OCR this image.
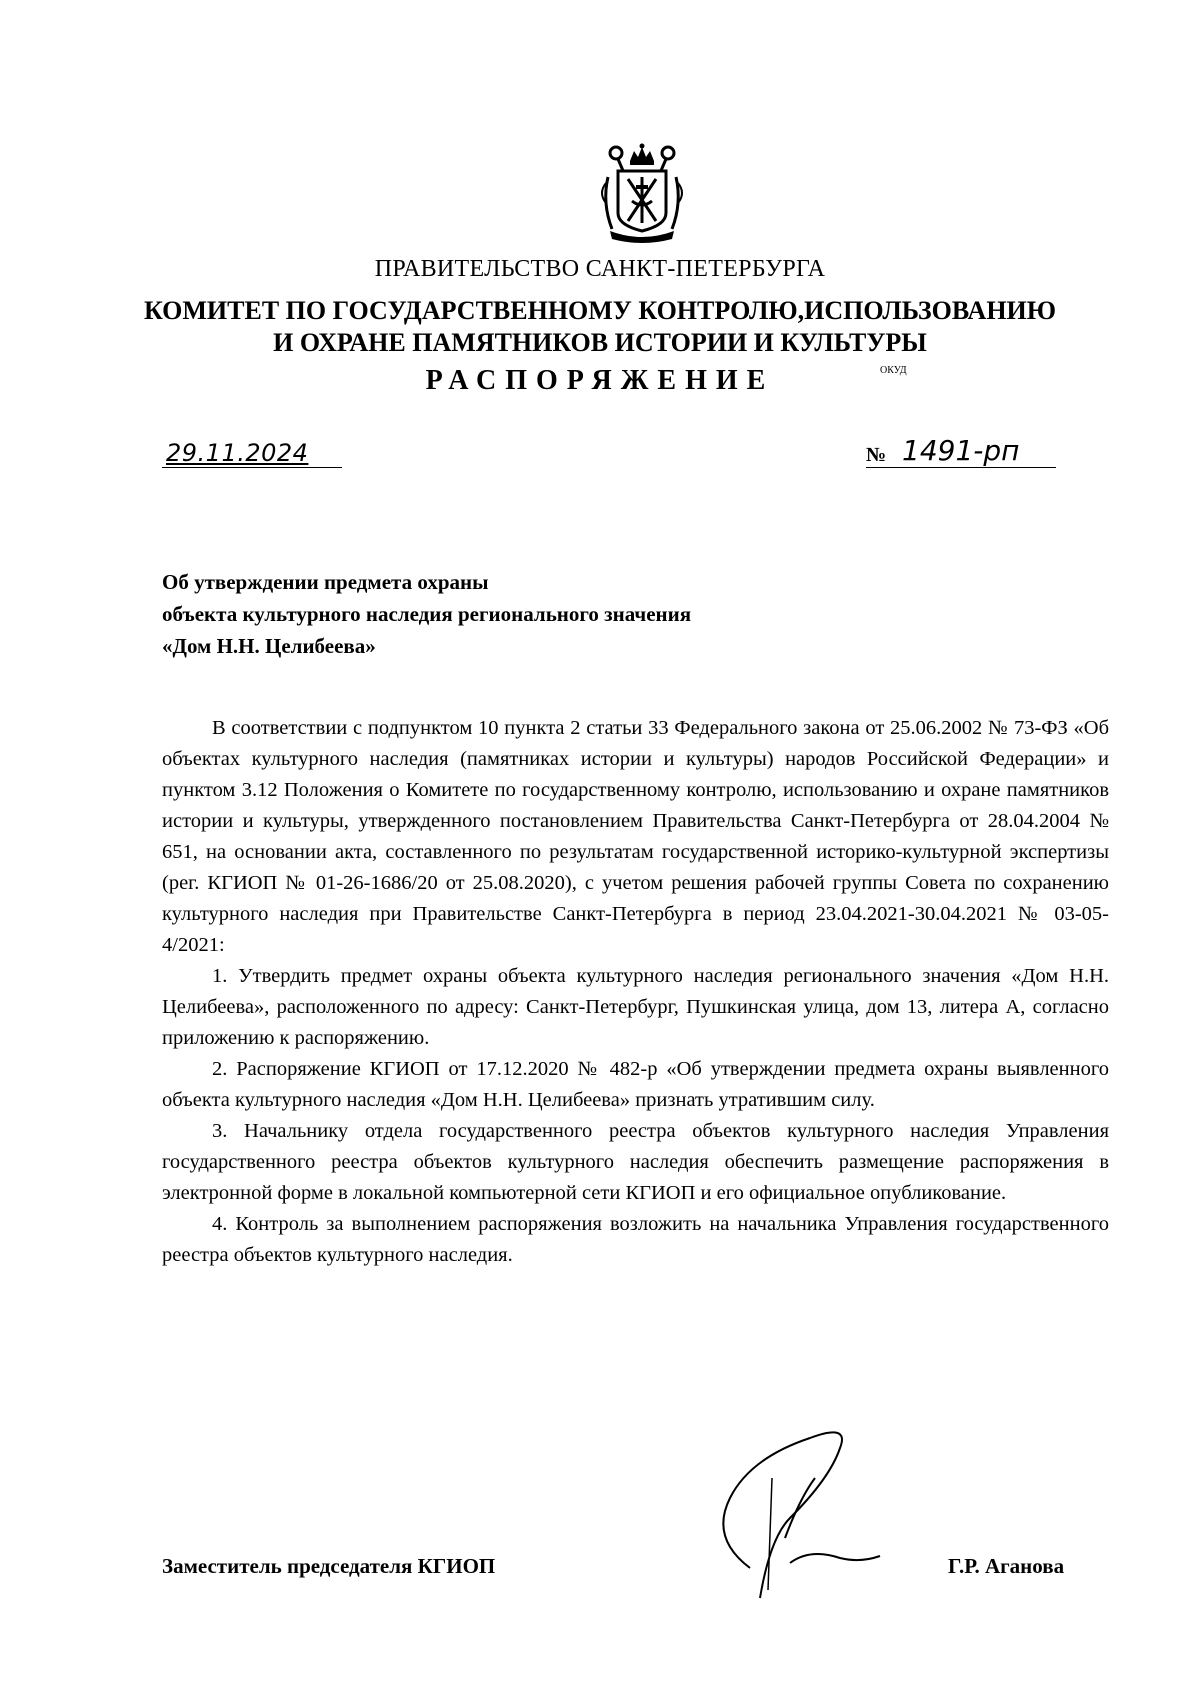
ПРАВИТЕЛЬСТВО САНКТ-ПЕТЕРБУРГА
КОМИТЕТ ПО ГОСУДАРСТВЕННОМУ КОНТРОЛЮ,ИСПОЛЬЗОВАНИЮ
И ОХРАНЕ ПАМЯТНИКОВ ИСТОРИИ И КУЛЬТУРЫ
РАСПОРЯЖЕНИЕ	ОКУД
29.11.2024	№ 1491-рп
Об утверждении предмета охраны
объекта культурного наследия регионального значения
«Дом Н.Н. Целибеева»

В соответствии с подпунктом 10 пункта 2 статьи 33 Федерального закона от 25.06.2002 № 73-ФЗ «Об объектах культурного наследия (памятниках истории и культуры) народов Российской Федерации» и пунктом 3.12 Положения о Комитете по государственному контролю, использованию и охране памятников истории и культуры, утвержденного постановлением Правительства Санкт-Петербурга от 28.04.2004 № 651, на основании акта, составленного по результатам государственной историко-культурной экспертизы (рег. КГИОП № 01-26-1686/20 от 25.08.2020), с учетом решения рабочей группы Совета по сохранению культурного наследия при Правительстве Санкт-Петербурга в период 23.04.2021-30.04.2021 № 03-05-4/2021:

1. Утвердить предмет охраны объекта культурного наследия регионального значения «Дом Н.Н. Целибеева», расположенного по адресу: Санкт-Петербург, Пушкинская улица, дом 13, литера А, согласно приложению к распоряжению.

2. Распоряжение КГИОП от 17.12.2020 № 482-р «Об утверждении предмета охраны выявленного объекта культурного наследия «Дом Н.Н. Целибеева» признать утратившим силу.

3. Начальнику отдела государственного реестра объектов культурного наследия Управления государственного реестра объектов культурного наследия обеспечить размещение распоряжения в электронной форме в локальной компьютерной сети КГИОП и его официальное опубликование.

4. Контроль за выполнением распоряжения возложить на начальника Управления государственного реестра объектов культурного наследия.

Заместитель председателя КГИОП	Г.Р. Аганова
